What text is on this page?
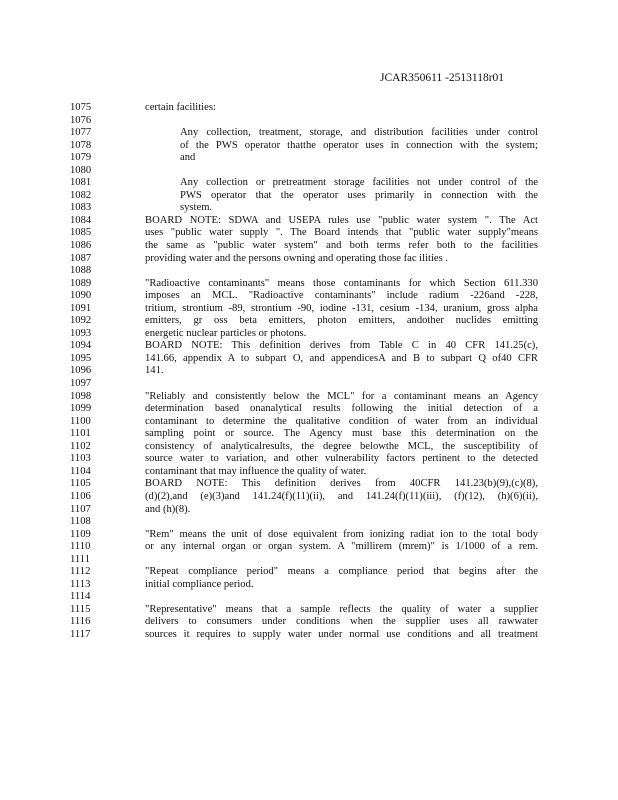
JCAR350611 -2513118r01
1075	certain facilities:
1076
1077	Any collection, treatment, storage, and distribution facilities under control
1078	of the PWS operator thatthe operator uses in connection with the system;
1079	and
1080
1081	Any collection or pretreatment storage facilities not under control of the
1082	PWS operator that the operator uses primarily in connection with the
1083	system.
1084	BOARD NOTE: SDWA and USEPA rules use "public water system ". The Act
1085	uses "public water supply ". The Board intends that "public water supply"means
1086	the same as "public water system" and both terms refer both to the facilities
1087	providing water and the persons owning and operating those fac ilities .
1088
1089	"Radioactive contaminants" means those contaminants for which Section 611.330
1090	imposes an MCL. "Radioactive contaminants" include radium -226and -228,
1091	tritium, strontium -89, strontium -90, iodine -131, cesium -134, uranium, gross alpha
1092	emitters, gr oss beta emitters, photon emitters, andother nuclides emitting
1093	energetic nuclear particles or photons.
1094	BOARD NOTE: This definition derives from Table C in 40 CFR 141.25(c),
1095	141.66, appendix A to subpart O, and appendicesA and B to subpart Q of40 CFR
1096	141.
1097
1098	"Reliably and consistently below the MCL" for a contaminant means an Agency
1099	determination based onanalytical results following the initial detection of a
1100	contaminant to determine the qualitative condition of water from an individual
1101	sampling point or source. The Agency must base this determination on the
1102	consistency of analyticalresults, the degree belowthe MCL, the susceptibility of
1103	source water to variation, and other vulnerability factors pertinent to the detected
1104	contaminant that may influence the quality of water.
1105	BOARD NOTE: This definition derives from 40CFR 141.23(b)(9),(c)(8),
1106	(d)(2),and (e)(3)and 141.24(f)(11)(ii), and 141.24(f)(11)(iii), (f)(12), (h)(6)(ii),
1107	and (h)(8).
1108
1109	"Rem" means the unit of dose equivalent from ionizing radiat ion to the total body
1110	or any internal organ or organ system. A "millirem (mrem)" is 1/1000 of a rem.
1111
1112	"Repeat compliance period" means a compliance period that begins after the
1113	initial compliance period.
1114
1115	"Representative" means that a sample reflects the quality of water a supplier
1116	delivers to consumers under conditions when the supplier uses all rawwater
1117	sources it requires to supply water under normal use conditions and all treatment
